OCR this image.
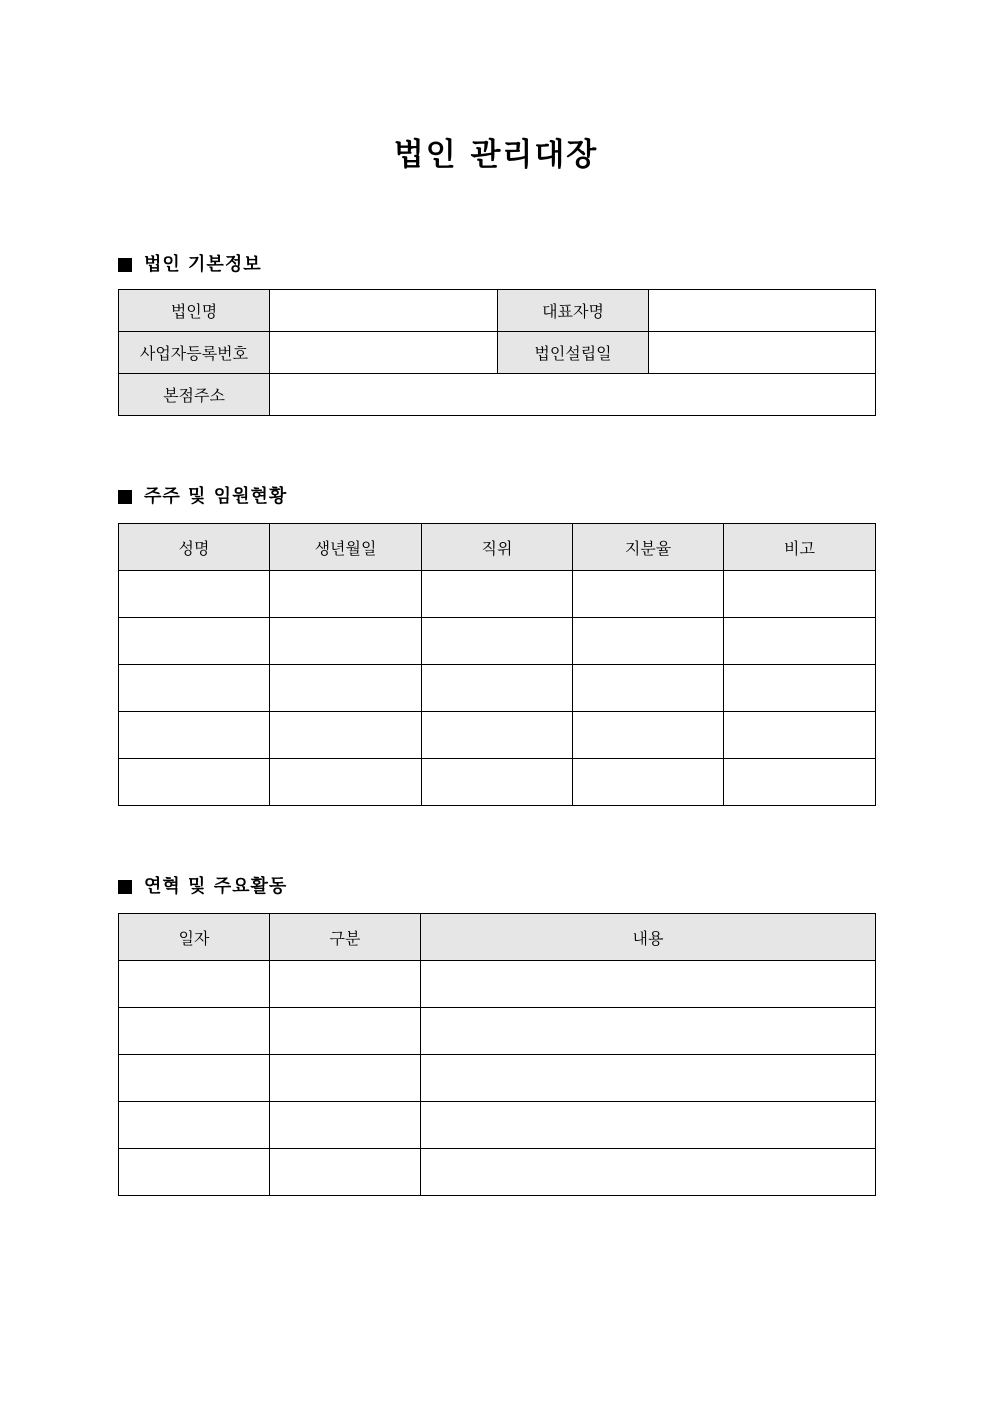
법인 관리대장
법인 기본정보
법인명		대표자명	
사업자등록번호		법인설립일	
본점주소			
주주 및 임원현황
성명	생년월일	직위	지분율	비고

연혁 및 주요활동
일자	구분	내용
